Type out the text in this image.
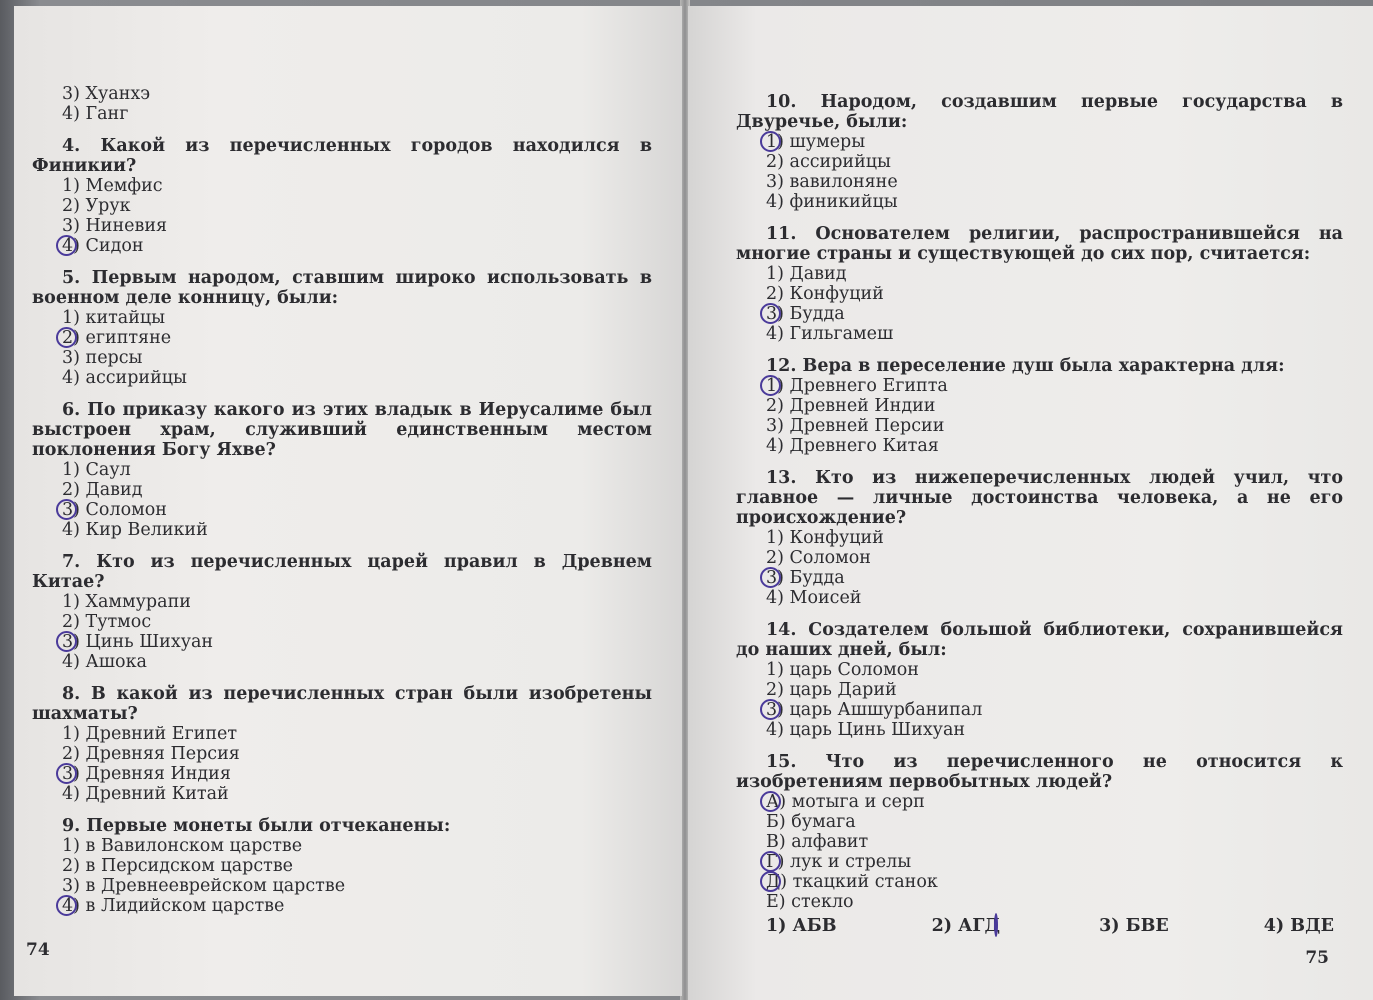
3) Хуанхэ
4) Ганг
4. Какой из перечисленных городов находился в Финикии?
1) Мемфис
2) Урук
3) Ниневия
4) Сидон
5. Первым народом, ставшим широко использовать в военном деле конницу, были:
1) китайцы
2) египтяне
3) персы
4) ассирийцы
6. По приказу какого из этих владык в Иерусалиме был выстроен храм, служивший единственным местом поклонения Богу Яхве?
1) Саул
2) Давид
3) Соломон
4) Кир Великий
7. Кто из перечисленных царей правил в Древнем Китае?
1) Хаммурапи
2) Тутмос
3) Цинь Шихуан
4) Ашока
8. В какой из перечисленных стран были изобретены шахматы?
1) Древний Египет
2) Древняя Персия
3) Древняя Индия
4) Древний Китай
9. Первые монеты были отчеканены:
1) в Вавилонском царстве
2) в Персидском царстве
3) в Древнееврейском царстве
4) в Лидийском царстве
74
10. Народом, создавшим первые государства в Двуречье, были:
1) шумеры
2) ассирийцы
3) вавилоняне
4) финикийцы
11. Основателем религии, распространившейся на многие страны и существующей до сих пор, считается:
1) Давид
2) Конфуций
3) Будда
4) Гильгамеш
12. Вера в переселение душ была характерна для:
1) Древнего Египта
2) Древней Индии
3) Древней Персии
4) Древнего Китая
13. Кто из нижеперечисленных людей учил, что главное — личные достоинства человека, а не его происхождение?
1) Конфуций
2) Соломон
3) Будда
4) Моисей
14. Создателем большой библиотеки, сохранившейся до наших дней, был:
1) царь Соломон
2) царь Дарий
3) царь Ашшурбанипал
4) царь Цинь Шихуан
15. Что из перечисленного не относится к изобретениям первобытных людей?
А) мотыга и серп
Б) бумага
В) алфавит
Г) лук и стрелы
Д) ткацкий станок
Е) стекло
1) АБВ	2) АГД	3) БВЕ	4) ВДЕ
75
